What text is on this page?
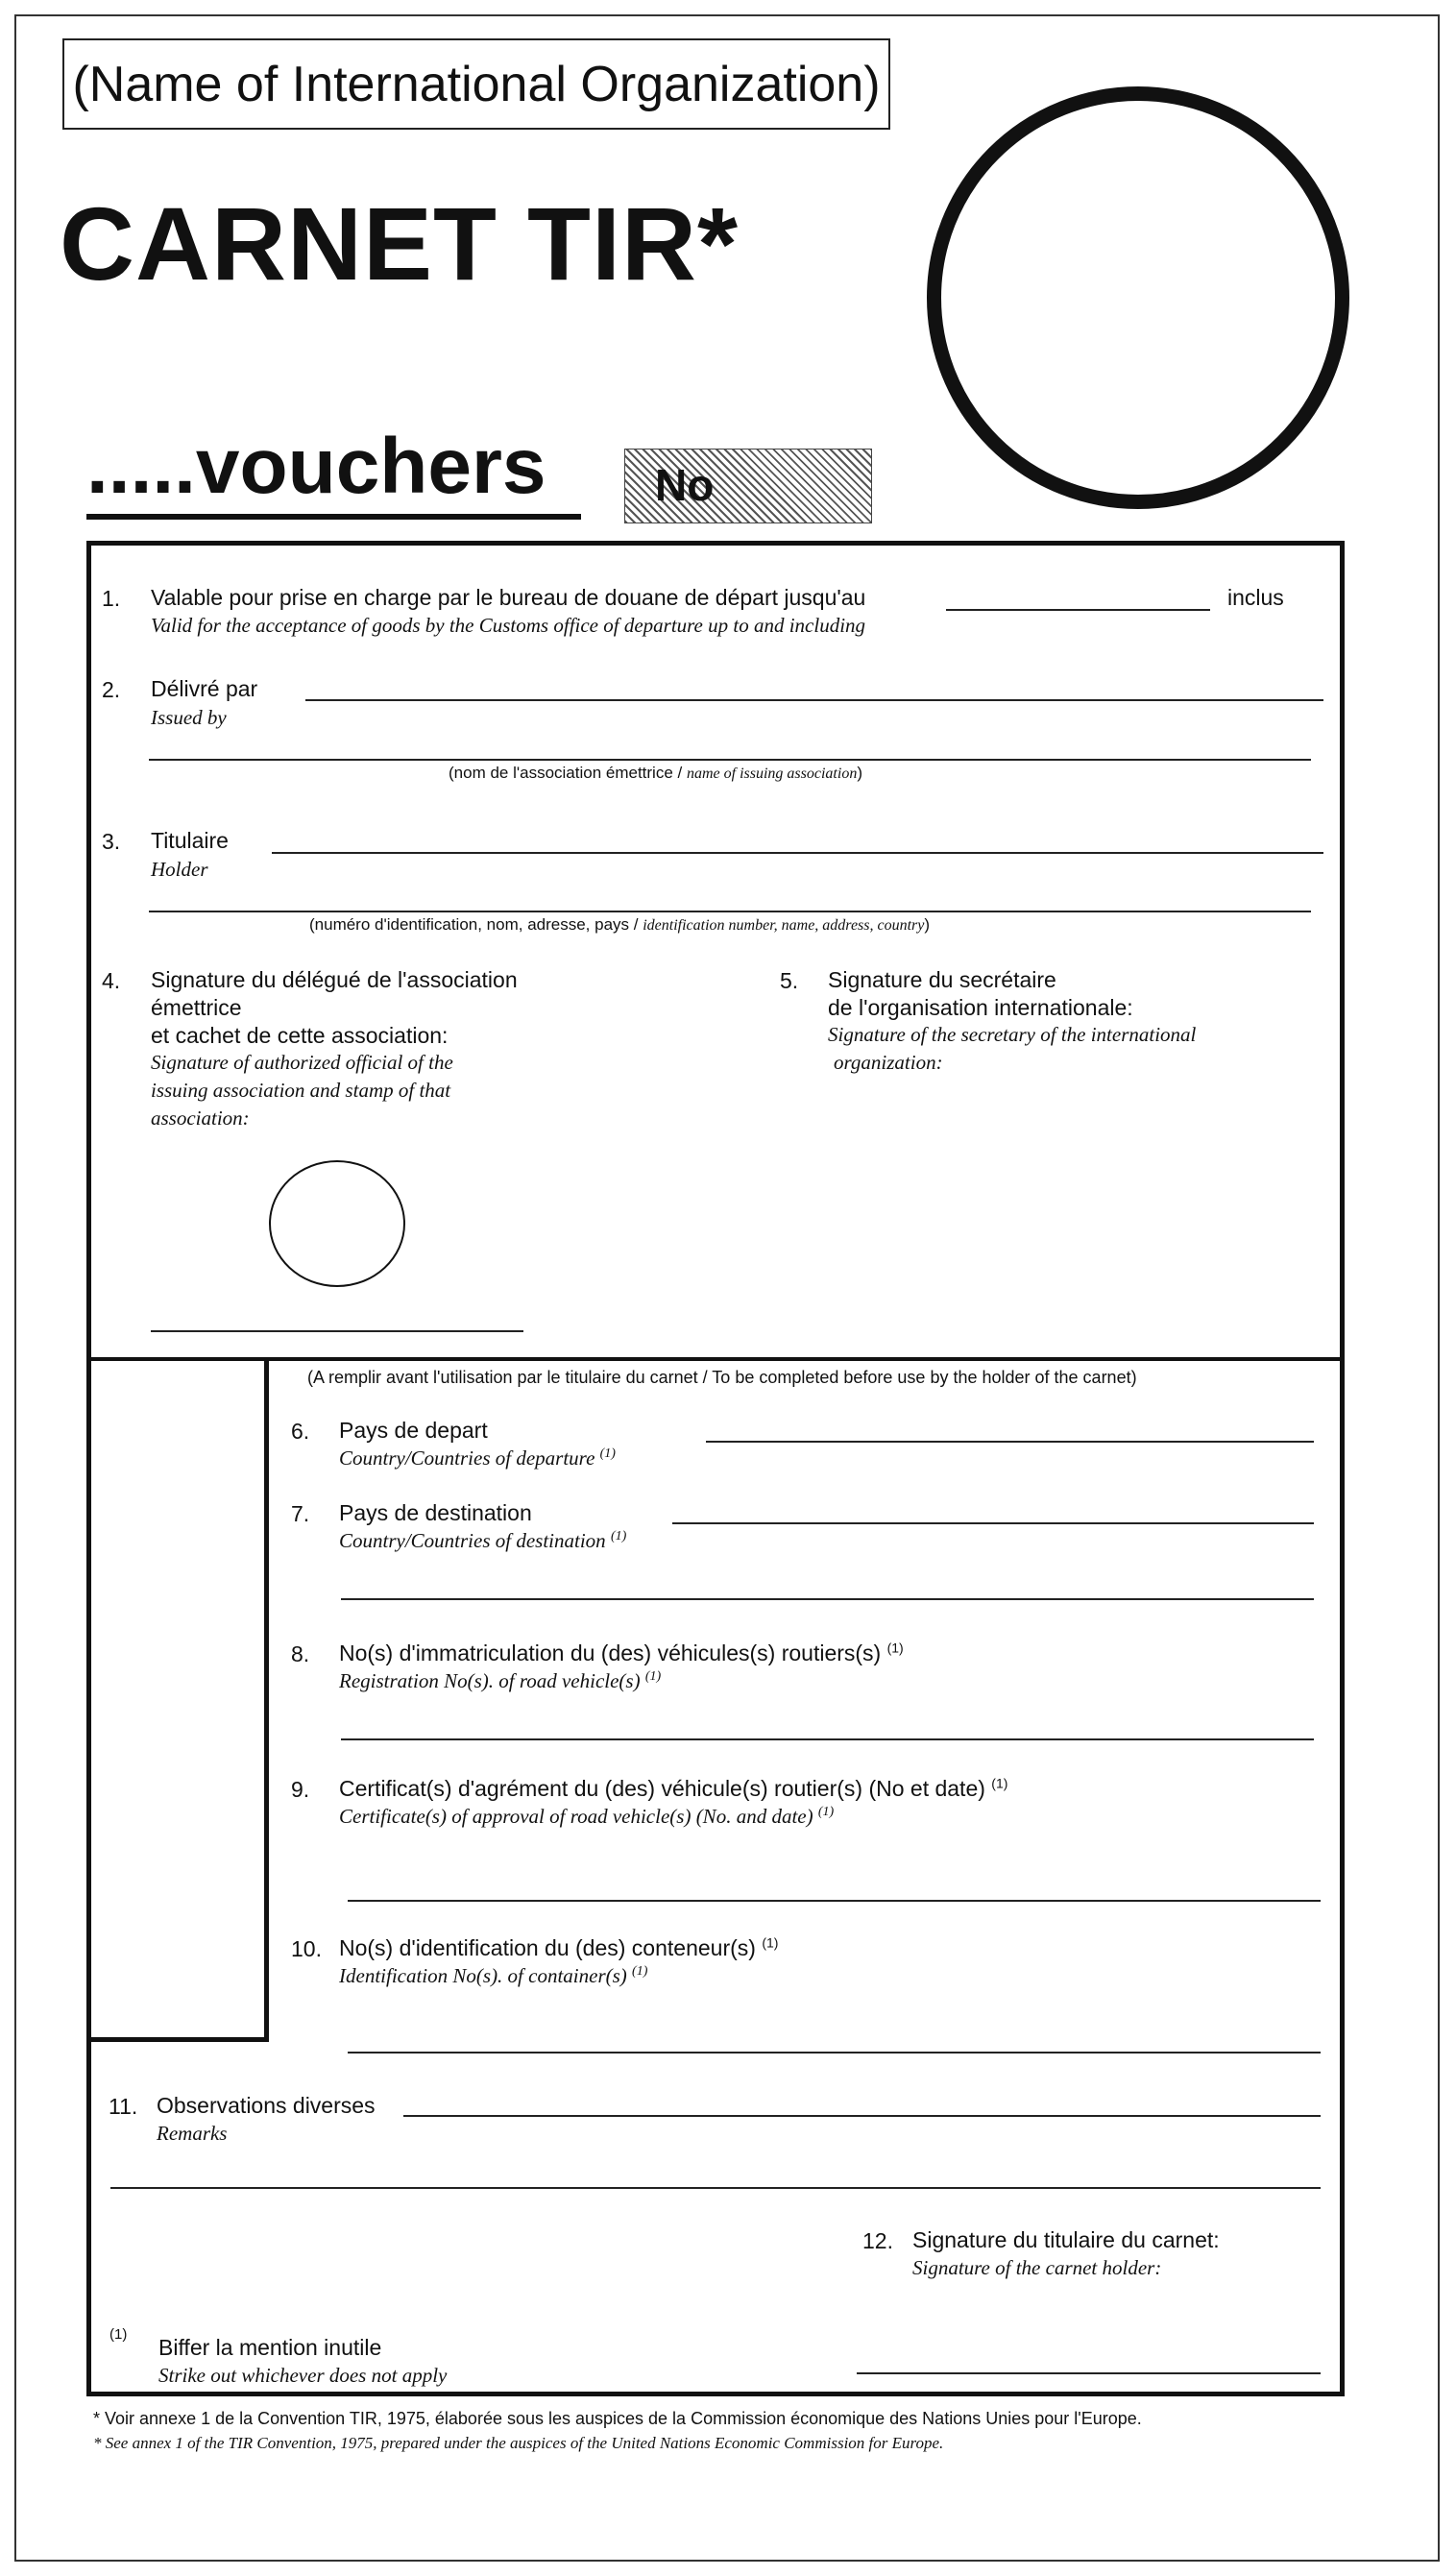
(Name of International Organization)
CARNET TIR*
.....vouchers No
1. Valable pour prise en charge par le bureau de douane de départ jusqu'au	inclus
Valid for the acceptance of goods by the Customs office of departure up to and including
2. Délivré par
Issued by
(nom de l'association émettrice / name of issuing association)
3. Titulaire
Holder
(numéro d'identification, nom, adresse, pays / identification number, name, address, country)
4. Signature du délégué de l'association
émettrice
et cachet de cette association:
Signature of authorized official of the
issuing association and stamp of that
association:
5. Signature du secrétaire
de l'organisation internationale:
Signature of the secretary of the international
organization:
(A remplir avant l'utilisation par le titulaire du carnet / To be completed before use by the holder of the carnet)
6. Pays de depart
Country/Countries of departure $^{(1)}$
7. Pays de destination
Country/Countries of destination $^{(1)}$
8. No(s) d'immatriculation du (des) véhicules(s) routiers(s) $^{(1)}$
Registration No(s). of road vehicle(s) $^{(1)}$
9. Certificat(s) d'agrément du (des) véhicule(s) routier(s) (No et date) $^{(1)}$
Certificate(s) of approval of road vehicle(s) (No. and date) $^{(1)}$
10. No(s) d'identification du (des) conteneur(s) $^{(1)}$
Identification No(s). of container(s) $^{(1)}$
11. Observations diverses
Remarks
12. Signature du titulaire du carnet:
Signature of the carnet holder:
(1)
Biffer la mention inutile
Strike out whichever does not apply
* Voir annexe 1 de la Convention TIR, 1975, élaborée sous les auspices de la Commission économique des Nations Unies pour l'Europe.
* See annex 1 of the TIR Convention, 1975, prepared under the auspices of the United Nations Economic Commission for Europe.
